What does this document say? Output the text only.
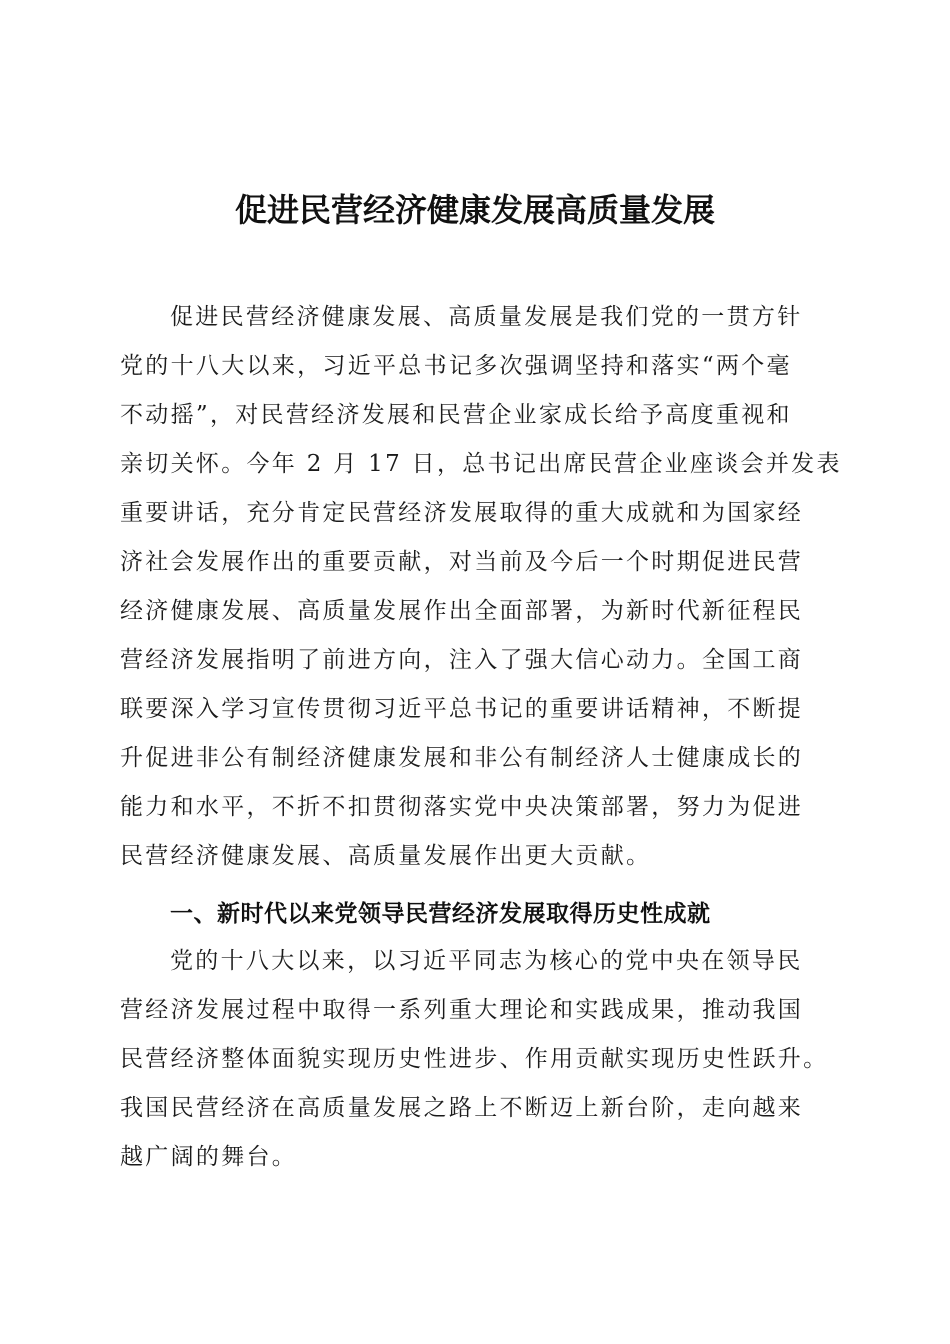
促进民营经济健康发展高质量发展
促进民营经济健康发展、高质量发展是我们党的一贯方针
党的十八大以来，习近平总书记多次强调坚持和落实“两个毫
不动摇”，对民营经济发展和民营企业家成长给予高度重视和
亲切关怀。今年 2 月 17 日，总书记出席民营企业座谈会并发表
重要讲话，充分肯定民营经济发展取得的重大成就和为国家经
济社会发展作出的重要贡献，对当前及今后一个时期促进民营
经济健康发展、高质量发展作出全面部署，为新时代新征程民
营经济发展指明了前进方向，注入了强大信心动力。全国工商
联要深入学习宣传贯彻习近平总书记的重要讲话精神，不断提
升促进非公有制经济健康发展和非公有制经济人士健康成长的
能力和水平，不折不扣贯彻落实党中央决策部署，努力为促进
民营经济健康发展、高质量发展作出更大贡献。
一、新时代以来党领导民营经济发展取得历史性成就
党的十八大以来，以习近平同志为核心的党中央在领导民
营经济发展过程中取得一系列重大理论和实践成果，推动我国
民营经济整体面貌实现历史性进步、作用贡献实现历史性跃升。
我国民营经济在高质量发展之路上不断迈上新台阶，走向越来
越广阔的舞台。
